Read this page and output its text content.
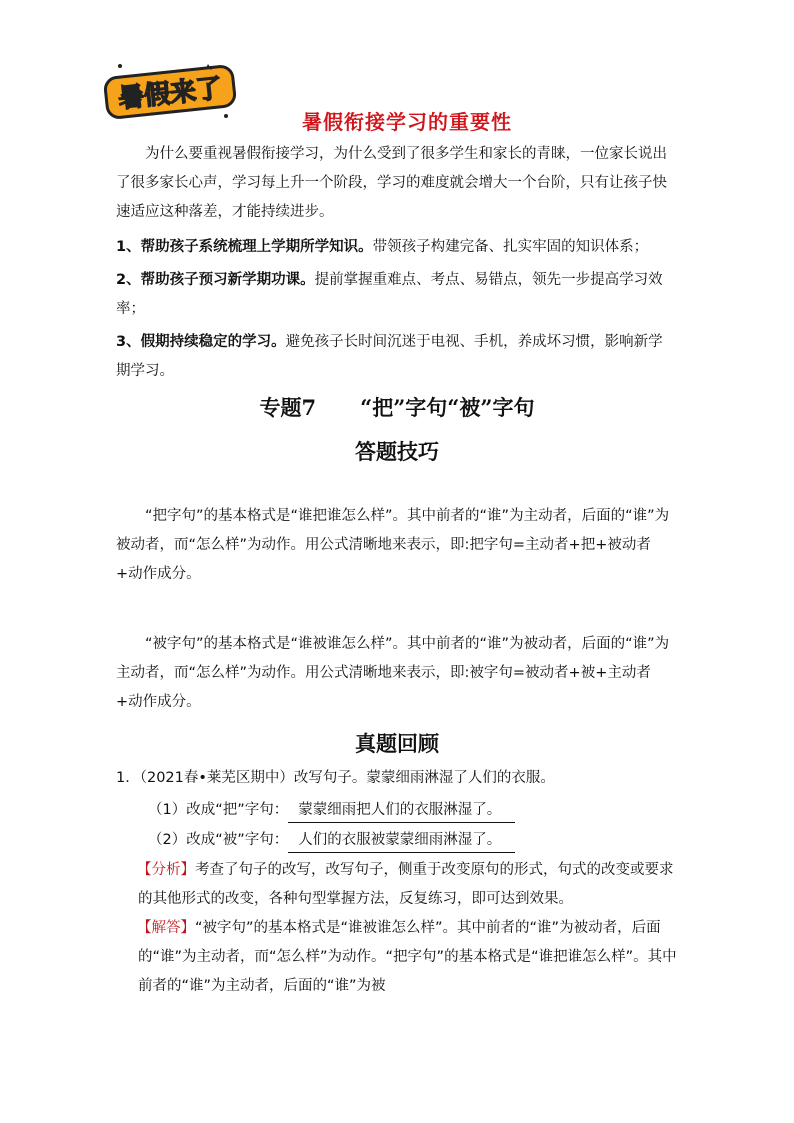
暑假来了
暑假衔接学习的重要性
为什么要重视暑假衔接学习，为什么受到了很多学生和家长的青睐，一位家长说出了很多家长心声，学习每上升一个阶段，学习的难度就会增大一个台阶，只有让孩子快速适应这种落差，才能持续进步。
1、帮助孩子系统梳理上学期所学知识。带领孩子构建完备、扎实牢固的知识体系；
2、帮助孩子预习新学期功课。提前掌握重难点、考点、易错点，领先一步提高学习效率；
3、假期持续稳定的学习。避免孩子长时间沉迷于电视、手机，养成坏习惯，影响新学期学习。
专题7 “把”字句“被”字句
答题技巧
“把字句”的基本格式是“谁把谁怎么样”。其中前者的“谁”为主动者，后面的“谁”为被动者，而“怎么样”为动作。用公式清晰地来表示，即:把字句=主动者+把+被动者+动作成分。
“被字句”的基本格式是“谁被谁怎么样”。其中前者的“谁”为被动者，后面的“谁”为主动者，而“怎么样”为动作。用公式清晰地来表示，即:被字句=被动者+被+主动者+动作成分。
真题回顾
1．（2021春•莱芜区期中）改写句子。蒙蒙细雨淋湿了人们的衣服。
（1）改成“把”字句： 蒙蒙细雨把人们的衣服淋湿了。
（2）改成“被”字句： 人们的衣服被蒙蒙细雨淋湿了。
【分析】考查了句子的改写，改写句子，侧重于改变原句的形式，句式的改变或要求的其他形式的改变，各种句型掌握方法，反复练习，即可达到效果。
【解答】“被字句”的基本格式是“谁被谁怎么样”。其中前者的“谁”为被动者，后面的“谁”为主动者，而“怎么样”为动作。“把字句”的基本格式是“谁把谁怎么样”。其中前者的“谁”为主动者，后面的“谁”为被
